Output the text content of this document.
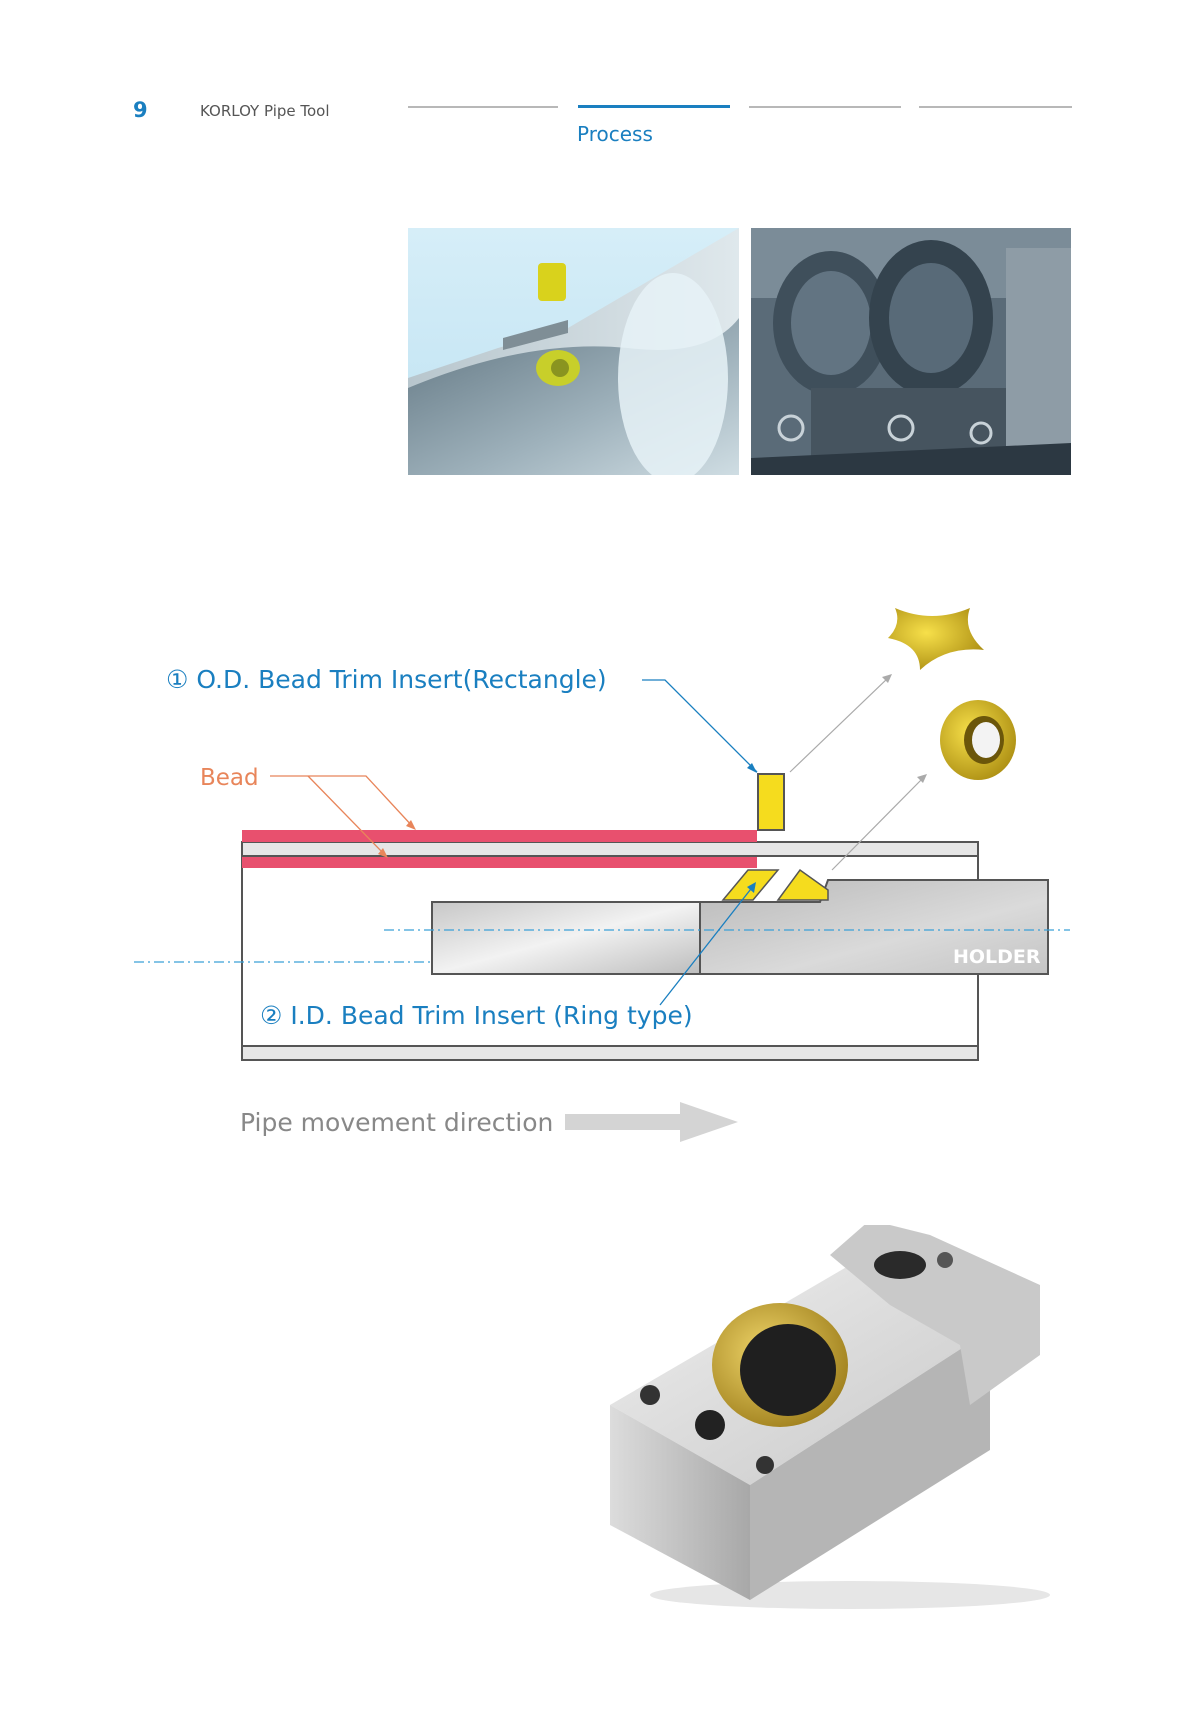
9	KORLOY Pipe Tool
Process
① O.D. Bead Trim Insert(Rectangle)
Bead
② I.D. Bead Trim Insert (Ring type)
HOLDER
Pipe movement direction
